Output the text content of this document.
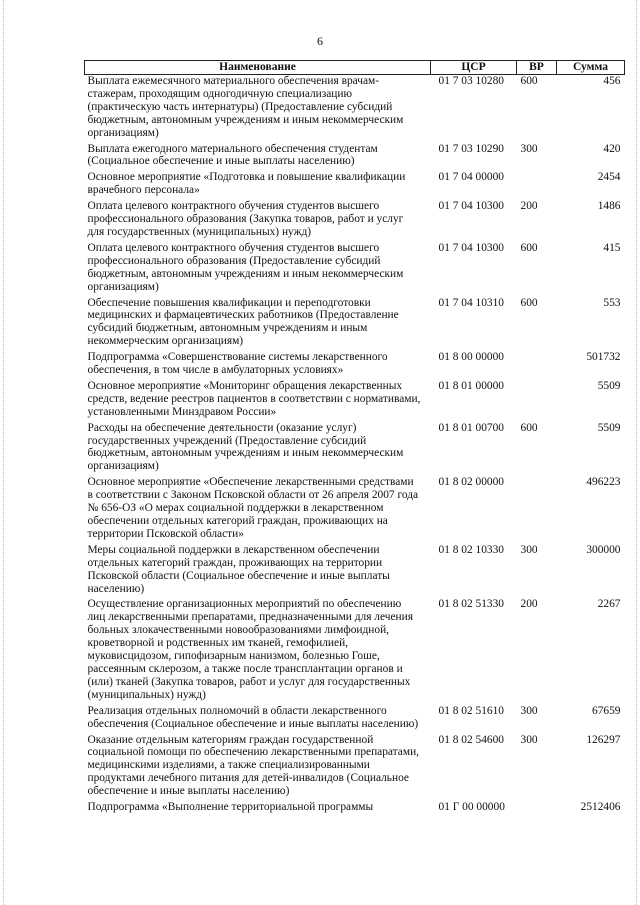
6
Наименование	ЦСР	ВР	Сумма
Выплата ежемесячного материального обеспечения врачам-стажерам, проходящим одногодичную специализацию (практическую часть интернатуры) (Предоставление субсидий бюджетным, автономным учреждениям и иным некоммерческим организациям)	01 7 03 10280	600	456
Выплата ежегодного материального обеспечения студентам (Социальное обеспечение и иные выплаты населению)	01 7 03 10290	300	420
Основное мероприятие «Подготовка и повышение квалификации врачебного персонала»	01 7 04 00000		2454
Оплата целевого контрактного обучения студентов высшего профессионального образования (Закупка товаров, работ и услуг для государственных (муниципальных) нужд)	01 7 04 10300	200	1486
Оплата целевого контрактного обучения студентов высшего профессионального образования (Предоставление субсидий бюджетным, автономным учреждениям и иным некоммерческим организациям)	01 7 04 10300	600	415
Обеспечение повышения квалификации и переподготовки медицинских и фармацевтических работников (Предоставление субсидий бюджетным, автономным учреждениям и иным некоммерческим организациям)	01 7 04 10310	600	553
Подпрограмма «Совершенствование системы лекарственного обеспечения, в том числе в амбулаторных условиях»	01 8 00 00000		501732
Основное мероприятие «Мониторинг обращения лекарственных средств, ведение реестров пациентов в соответствии с нормативами, установленными Минздравом России»	01 8 01 00000		5509
Расходы на обеспечение деятельности (оказание услуг) государственных учреждений (Предоставление субсидий бюджетным, автономным учреждениям и иным некоммерческим организациям)	01 8 01 00700	600	5509
Основное мероприятие «Обеспечение лекарственными средствами в соответствии с Законом Псковской области от 26 апреля 2007 года № 656-ОЗ «О мерах социальной поддержки в лекарственном обеспечении отдельных категорий граждан, проживающих на территории Псковской области»	01 8 02 00000		496223
Меры социальной поддержки в лекарственном обеспечении отдельных категорий граждан, проживающих на территории Псковской области (Социальное обеспечение и иные выплаты населению)	01 8 02 10330	300	300000
Осуществление организационных мероприятий по обеспечению лиц лекарственными препаратами, предназначенными для лечения больных злокачественными новообразованиями лимфоидной, кроветворной и родственных им тканей, гемофилией, муковисцидозом, гипофизарным нанизмом, болезнью Гоше, рассеянным склерозом, а также после трансплантации органов и (или) тканей (Закупка товаров, работ и услуг для государственных (муниципальных) нужд)	01 8 02 51330	200	2267
Реализация отдельных полномочий в области лекарственного обеспечения (Социальное обеспечение и иные выплаты населению)	01 8 02 51610	300	67659
Оказание отдельным категориям граждан государственной социальной помощи по обеспечению лекарственными препаратами, медицинскими изделиями, а также специализированными продуктами лечебного питания для детей-инвалидов (Социальное обеспечение и иные выплаты населению)	01 8 02 54600	300	126297
Подпрограмма «Выполнение территориальной программы	01 Г 00 00000		2512406
